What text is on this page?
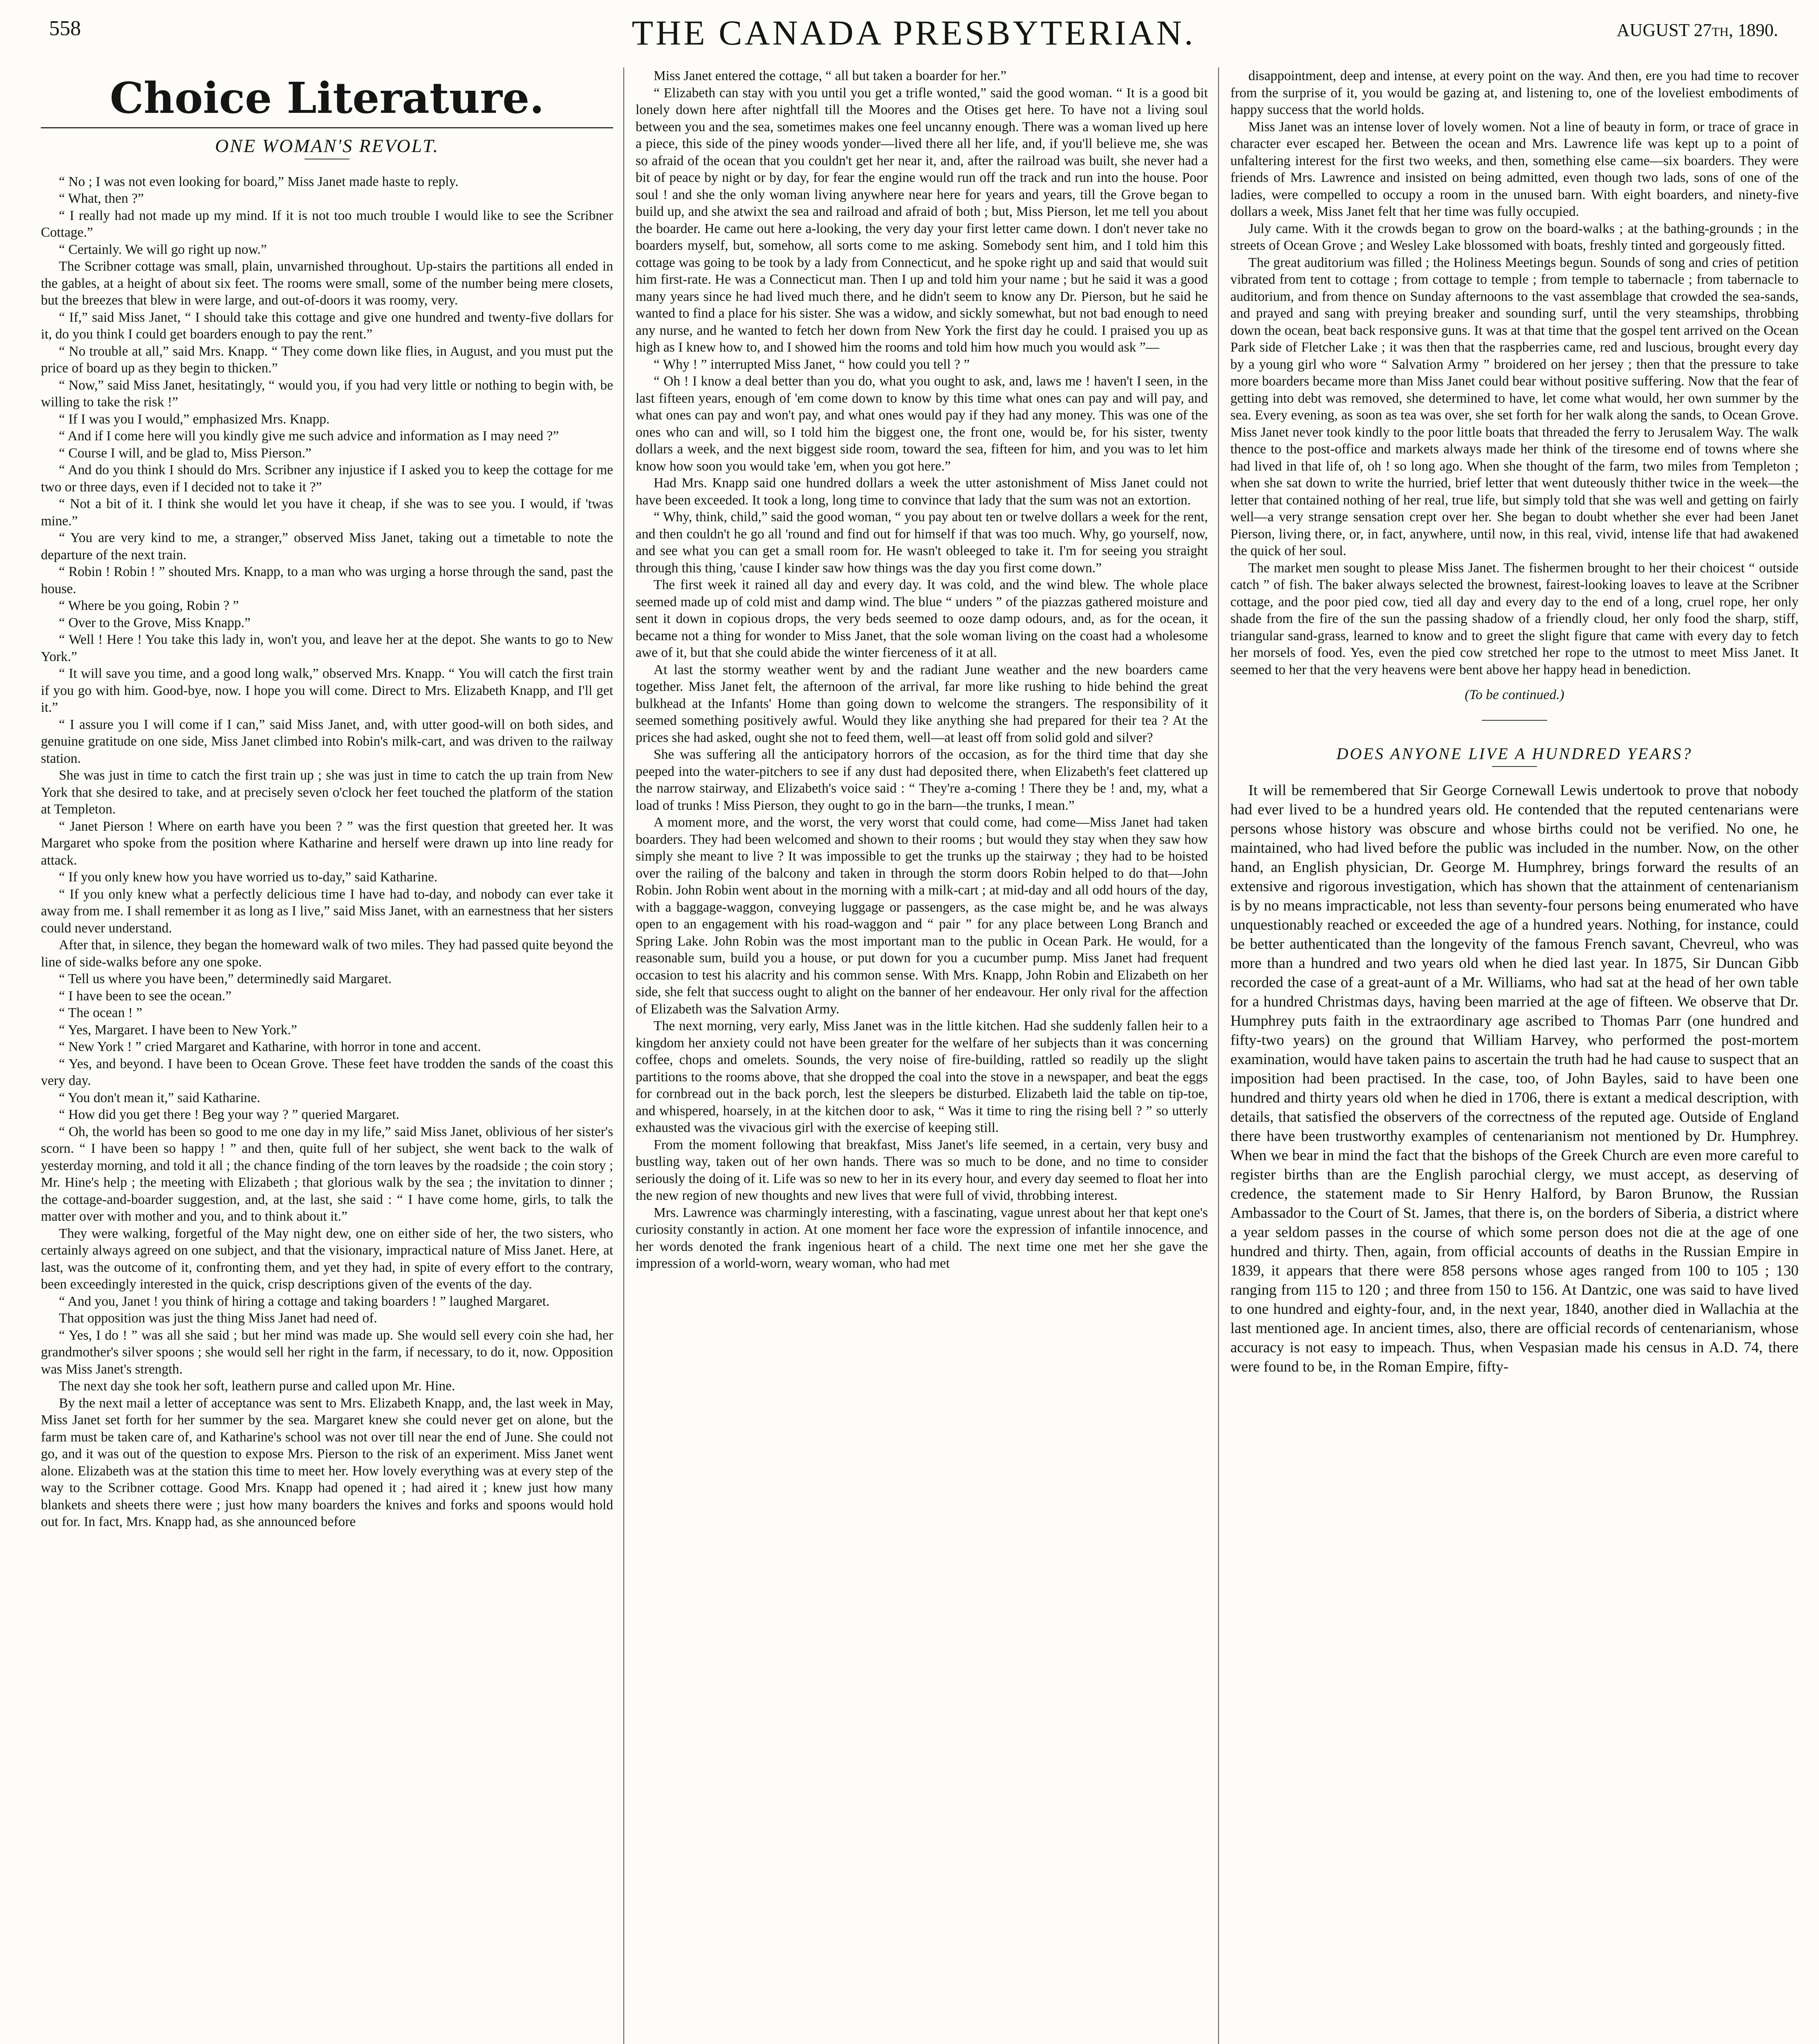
558	THE CANADA PRESBYTERIAN.	AUGUST 27th, 1890.
Choice Literature.
ONE WOMAN'S REVOLT.

“ No ; I was not even looking for board,” Miss Janet made haste to reply.

“ What, then ?”

“ I really had not made up my mind. If it is not too much trouble I would like to see the Scribner Cottage.”

“ Certainly. We will go right up now.”

The Scribner cottage was small, plain, unvarnished throughout. Up-stairs the partitions all ended in the gables, at a height of about six feet. The rooms were small, some of the number being mere closets, but the breezes that blew in were large, and out-of-doors it was roomy, very.

“ If,” said Miss Janet, “ I should take this cottage and give one hundred and twenty-five dollars for it, do you think I could get boarders enough to pay the rent.”

“ No trouble at all,” said Mrs. Knapp. “ They come down like flies, in August, and you must put the price of board up as they begin to thicken.”

“ Now,” said Miss Janet, hesitatingly, “ would you, if you had very little or nothing to begin with, be willing to take the risk !”

“ If I was you I would,” emphasized Mrs. Knapp.

“ And if I come here will you kindly give me such advice and information as I may need ?”

“ Course I will, and be glad to, Miss Pierson.”

“ And do you think I should do Mrs. Scribner any injustice if I asked you to keep the cottage for me two or three days, even if I decided not to take it ?”

“ Not a bit of it. I think she would let you have it cheap, if she was to see you. I would, if 'twas mine.”

“ You are very kind to me, a stranger,” observed Miss Janet, taking out a timetable to note the departure of the next train.

“ Robin ! Robin ! ” shouted Mrs. Knapp, to a man who was urging a horse through the sand, past the house.

“ Where be you going, Robin ? ”

“ Over to the Grove, Miss Knapp.”

“ Well ! Here ! You take this lady in, won't you, and leave her at the depot. She wants to go to New York.”

“ It will save you time, and a good long walk,” observed Mrs. Knapp. “ You will catch the first train if you go with him. Good-bye, now. I hope you will come. Direct to Mrs. Elizabeth Knapp, and I'll get it.”

“ I assure you I will come if I can,” said Miss Janet, and, with utter good-will on both sides, and genuine gratitude on one side, Miss Janet climbed into Robin's milk-cart, and was driven to the railway station.

She was just in time to catch the first train up ; she was just in time to catch the up train from New York that she desired to take, and at precisely seven o'clock her feet touched the platform of the station at Templeton.

“ Janet Pierson ! Where on earth have you been ? ” was the first question that greeted her. It was Margaret who spoke from the position where Katharine and herself were drawn up into line ready for attack.

“ If you only knew how you have worried us to-day,” said Katharine.

“ If you only knew what a perfectly delicious time I have had to-day, and nobody can ever take it away from me. I shall remember it as long as I live,” said Miss Janet, with an earnestness that her sisters could never understand.

After that, in silence, they began the homeward walk of two miles. They had passed quite beyond the line of side-walks before any one spoke.

“ Tell us where you have been,” determinedly said Margaret.

“ I have been to see the ocean.”

“ The ocean ! ”

“ Yes, Margaret. I have been to New York.”

“ New York ! ” cried Margaret and Katharine, with horror in tone and accent.

“ Yes, and beyond. I have been to Ocean Grove. These feet have trodden the sands of the coast this very day.

“ You don't mean it,” said Katharine.

“ How did you get there ! Beg your way ? ” queried Margaret.

“ Oh, the world has been so good to me one day in my life,” said Miss Janet, oblivious of her sister's scorn. “ I have been so happy ! ” and then, quite full of her subject, she went back to the walk of yesterday morning, and told it all ; the chance finding of the torn leaves by the roadside ; the coin story ; Mr. Hine's help ; the meeting with Elizabeth ; that glorious walk by the sea ; the invitation to dinner ; the cottage-and-boarder suggestion, and, at the last, she said : “ I have come home, girls, to talk the matter over with mother and you, and to think about it.”

They were walking, forgetful of the May night dew, one on either side of her, the two sisters, who certainly always agreed on one subject, and that the visionary, impractical nature of Miss Janet. Here, at last, was the outcome of it, confronting them, and yet they had, in spite of every effort to the contrary, been exceedingly interested in the quick, crisp descriptions given of the events of the day.

“ And you, Janet ! you think of hiring a cottage and taking boarders ! ” laughed Margaret.

That opposition was just the thing Miss Janet had need of.

“ Yes, I do ! ” was all she said ; but her mind was made up. She would sell every coin she had, her grandmother's silver spoons ; she would sell her right in the farm, if necessary, to do it, now. Opposition was Miss Janet's strength.

The next day she took her soft, leathern purse and called upon Mr. Hine.

By the next mail a letter of acceptance was sent to Mrs. Elizabeth Knapp, and, the last week in May, Miss Janet set forth for her summer by the sea. Margaret knew she could never get on alone, but the farm must be taken care of, and Katharine's school was not over till near the end of June. She could not go, and it was out of the question to expose Mrs. Pierson to the risk of an experiment. Miss Janet went alone. Elizabeth was at the station this time to meet her. How lovely everything was at every step of the way to the Scribner cottage. Good Mrs. Knapp had opened it ; had aired it ; knew just how many blankets and sheets there were ; just how many boarders the knives and forks and spoons would hold out for. In fact, Mrs. Knapp had, as she announced before

Miss Janet entered the cottage, “ all but taken a boarder for her.”

“ Elizabeth can stay with you until you get a trifle wonted,” said the good woman. “ It is a good bit lonely down here after nightfall till the Moores and the Otises get here. To have not a living soul between you and the sea, sometimes makes one feel uncanny enough. There was a woman lived up here a piece, this side of the piney woods yonder—lived there all her life, and, if you'll believe me, she was so afraid of the ocean that you couldn't get her near it, and, after the railroad was built, she never had a bit of peace by night or by day, for fear the engine would run off the track and run into the house. Poor soul ! and she the only woman living anywhere near here for years and years, till the Grove began to build up, and she atwixt the sea and railroad and afraid of both ; but, Miss Pierson, let me tell you about the boarder. He came out here a-looking, the very day your first letter came down. I don't never take no boarders myself, but, somehow, all sorts come to me asking. Somebody sent him, and I told him this cottage was going to be took by a lady from Connecticut, and he spoke right up and said that would suit him first-rate. He was a Connecticut man. Then I up and told him your name ; but he said it was a good many years since he had lived much there, and he didn't seem to know any Dr. Pierson, but he said he wanted to find a place for his sister. She was a widow, and sickly somewhat, but not bad enough to need any nurse, and he wanted to fetch her down from New York the first day he could. I praised you up as high as I knew how to, and I showed him the rooms and told him how much you would ask ”—

“ Why ! ” interrupted Miss Janet, “ how could you tell ? ”

“ Oh ! I know a deal better than you do, what you ought to ask, and, laws me ! haven't I seen, in the last fifteen years, enough of 'em come down to know by this time what ones can pay and will pay, and what ones can pay and won't pay, and what ones would pay if they had any money. This was one of the ones who can and will, so I told him the biggest one, the front one, would be, for his sister, twenty dollars a week, and the next biggest side room, toward the sea, fifteen for him, and you was to let him know how soon you would take 'em, when you got here.”

Had Mrs. Knapp said one hundred dollars a week the utter astonishment of Miss Janet could not have been exceeded. It took a long, long time to convince that lady that the sum was not an extortion.

“ Why, think, child,” said the good woman, “ you pay about ten or twelve dollars a week for the rent, and then couldn't he go all 'round and find out for himself if that was too much. Why, go yourself, now, and see what you can get a small room for. He wasn't obleeged to take it. I'm for seeing you straight through this thing, 'cause I kinder saw how things was the day you first come down.”

The first week it rained all day and every day. It was cold, and the wind blew. The whole place seemed made up of cold mist and damp wind. The blue “ unders ” of the piazzas gathered moisture and sent it down in copious drops, the very beds seemed to ooze damp odours, and, as for the ocean, it became not a thing for wonder to Miss Janet, that the sole woman living on the coast had a wholesome awe of it, but that she could abide the winter fierceness of it at all.

At last the stormy weather went by and the radiant June weather and the new boarders came together. Miss Janet felt, the afternoon of the arrival, far more like rushing to hide behind the great bulkhead at the Infants' Home than going down to welcome the strangers. The responsibility of it seemed something positively awful. Would they like anything she had prepared for their tea ? At the prices she had asked, ought she not to feed them, well—at least off from solid gold and silver?

She was suffering all the anticipatory horrors of the occasion, as for the third time that day she peeped into the water-pitchers to see if any dust had deposited there, when Elizabeth's feet clattered up the narrow stairway, and Elizabeth's voice said : “ They're a-coming ! There they be ! and, my, what a load of trunks ! Miss Pierson, they ought to go in the barn—the trunks, I mean.”

A moment more, and the worst, the very worst that could come, had come—Miss Janet had taken boarders. They had been welcomed and shown to their rooms ; but would they stay when they saw how simply she meant to live ? It was impossible to get the trunks up the stairway ; they had to be hoisted over the railing of the balcony and taken in through the storm doors Robin helped to do that—John Robin. John Robin went about in the morning with a milk-cart ; at mid-day and all odd hours of the day, with a baggage-waggon, conveying luggage or passengers, as the case might be, and he was always open to an engagement with his road-waggon and “ pair ” for any place between Long Branch and Spring Lake. John Robin was the most important man to the public in Ocean Park. He would, for a reasonable sum, build you a house, or put down for you a cucumber pump. Miss Janet had frequent occasion to test his alacrity and his common sense. With Mrs. Knapp, John Robin and Elizabeth on her side, she felt that success ought to alight on the banner of her endeavour. Her only rival for the affection of Elizabeth was the Salvation Army.

The next morning, very early, Miss Janet was in the little kitchen. Had she suddenly fallen heir to a kingdom her anxiety could not have been greater for the welfare of her subjects than it was concerning coffee, chops and omelets. Sounds, the very noise of fire-building, rattled so readily up the slight partitions to the rooms above, that she dropped the coal into the stove in a newspaper, and beat the eggs for cornbread out in the back porch, lest the sleepers be disturbed. Elizabeth laid the table on tip-toe, and whispered, hoarsely, in at the kitchen door to ask, “ Was it time to ring the rising bell ? ” so utterly exhausted was the vivacious girl with the exercise of keeping still.

From the moment following that breakfast, Miss Janet's life seemed, in a certain, very busy and bustling way, taken out of her own hands. There was so much to be done, and no time to consider seriously the doing of it. Life was so new to her in its every hour, and every day seemed to float her into the new region of new thoughts and new lives that were full of vivid, throbbing interest.

Mrs. Lawrence was charmingly interesting, with a fascinating, vague unrest about her that kept one's curiosity constantly in action. At one moment her face wore the expression of infantile innocence, and her words denoted the frank ingenious heart of a child. The next time one met her she gave the impression of a world-worn, weary woman, who had met

disappointment, deep and intense, at every point on the way. And then, ere you had time to recover from the surprise of it, you would be gazing at, and listening to, one of the loveliest embodiments of happy success that the world holds.

Miss Janet was an intense lover of lovely women. Not a line of beauty in form, or trace of grace in character ever escaped her. Between the ocean and Mrs. Lawrence life was kept up to a point of unfaltering interest for the first two weeks, and then, something else came—six boarders. They were friends of Mrs. Lawrence and insisted on being admitted, even though two lads, sons of one of the ladies, were compelled to occupy a room in the unused barn. With eight boarders, and ninety-five dollars a week, Miss Janet felt that her time was fully occupied.

July came. With it the crowds began to grow on the board-walks ; at the bathing-grounds ; in the streets of Ocean Grove ; and Wesley Lake blossomed with boats, freshly tinted and gorgeously fitted.

The great auditorium was filled ; the Holiness Meetings begun. Sounds of song and cries of petition vibrated from tent to cottage ; from cottage to temple ; from temple to tabernacle ; from tabernacle to auditorium, and from thence on Sunday afternoons to the vast assemblage that crowded the sea-sands, and prayed and sang with preying breaker and sounding surf, until the very steamships, throbbing down the ocean, beat back responsive guns. It was at that time that the gospel tent arrived on the Ocean Park side of Fletcher Lake ; it was then that the raspberries came, red and luscious, brought every day by a young girl who wore “ Salvation Army ” broidered on her jersey ; then that the pressure to take more boarders became more than Miss Janet could bear without positive suffering. Now that the fear of getting into debt was removed, she determined to have, let come what would, her own summer by the sea. Every evening, as soon as tea was over, she set forth for her walk along the sands, to Ocean Grove. Miss Janet never took kindly to the poor little boats that threaded the ferry to Jerusalem Way. The walk thence to the post-office and markets always made her think of the tiresome end of towns where she had lived in that life of, oh ! so long ago. When she thought of the farm, two miles from Templeton ; when she sat down to write the hurried, brief letter that went duteously thither twice in the week—the letter that contained nothing of her real, true life, but simply told that she was well and getting on fairly well—a very strange sensation crept over her. She began to doubt whether she ever had been Janet Pierson, living there, or, in fact, anywhere, until now, in this real, vivid, intense life that had awakened the quick of her soul.

The market men sought to please Miss Janet. The fishermen brought to her their choicest “ outside catch ” of fish. The baker always selected the brownest, fairest-looking loaves to leave at the Scribner cottage, and the poor pied cow, tied all day and every day to the end of a long, cruel rope, her only shade from the fire of the sun the passing shadow of a friendly cloud, her only food the sharp, stiff, triangular sand-grass, learned to know and to greet the slight figure that came with every day to fetch her morsels of food. Yes, even the pied cow stretched her rope to the utmost to meet Miss Janet. It seemed to her that the very heavens were bent above her happy head in benediction.

(To be continued.)

DOES ANYONE LIVE A HUNDRED YEARS?

It will be remembered that Sir George Cornewall Lewis undertook to prove that nobody had ever lived to be a hundred years old. He contended that the reputed centenarians were persons whose history was obscure and whose births could not be verified. No one, he maintained, who had lived before the public was included in the number. Now, on the other hand, an English physician, Dr. George M. Humphrey, brings forward the results of an extensive and rigorous investigation, which has shown that the attainment of centenarianism is by no means impracticable, not less than seventy-four persons being enumerated who have unquestionably reached or exceeded the age of a hundred years. Nothing, for instance, could be better authenticated than the longevity of the famous French savant, Chevreul, who was more than a hundred and two years old when he died last year. In 1875, Sir Duncan Gibb recorded the case of a great-aunt of a Mr. Williams, who had sat at the head of her own table for a hundred Christmas days, having been married at the age of fifteen. We observe that Dr. Humphrey puts faith in the extraordinary age ascribed to Thomas Parr (one hundred and fifty-two years) on the ground that William Harvey, who performed the post-mortem examination, would have taken pains to ascertain the truth had he had cause to suspect that an imposition had been practised. In the case, too, of John Bayles, said to have been one hundred and thirty years old when he died in 1706, there is extant a medical description, with details, that satisfied the observers of the correctness of the reputed age. Outside of England there have been trustworthy examples of centenarianism not mentioned by Dr. Humphrey. When we bear in mind the fact that the bishops of the Greek Church are even more careful to register births than are the English parochial clergy, we must accept, as deserving of credence, the statement made to Sir Henry Halford, by Baron Brunow, the Russian Ambassador to the Court of St. James, that there is, on the borders of Siberia, a district where a year seldom passes in the course of which some person does not die at the age of one hundred and thirty. Then, again, from official accounts of deaths in the Russian Empire in 1839, it appears that there were 858 persons whose ages ranged from 100 to 105 ; 130 ranging from 115 to 120 ; and three from 150 to 156. At Dantzic, one was said to have lived to one hundred and eighty-four, and, in the next year, 1840, another died in Wallachia at the last mentioned age. In ancient times, also, there are official records of centenarianism, whose accuracy is not easy to impeach. Thus, when Vespasian made his census in A.D. 74, there were found to be, in the Roman Empire, fifty-
